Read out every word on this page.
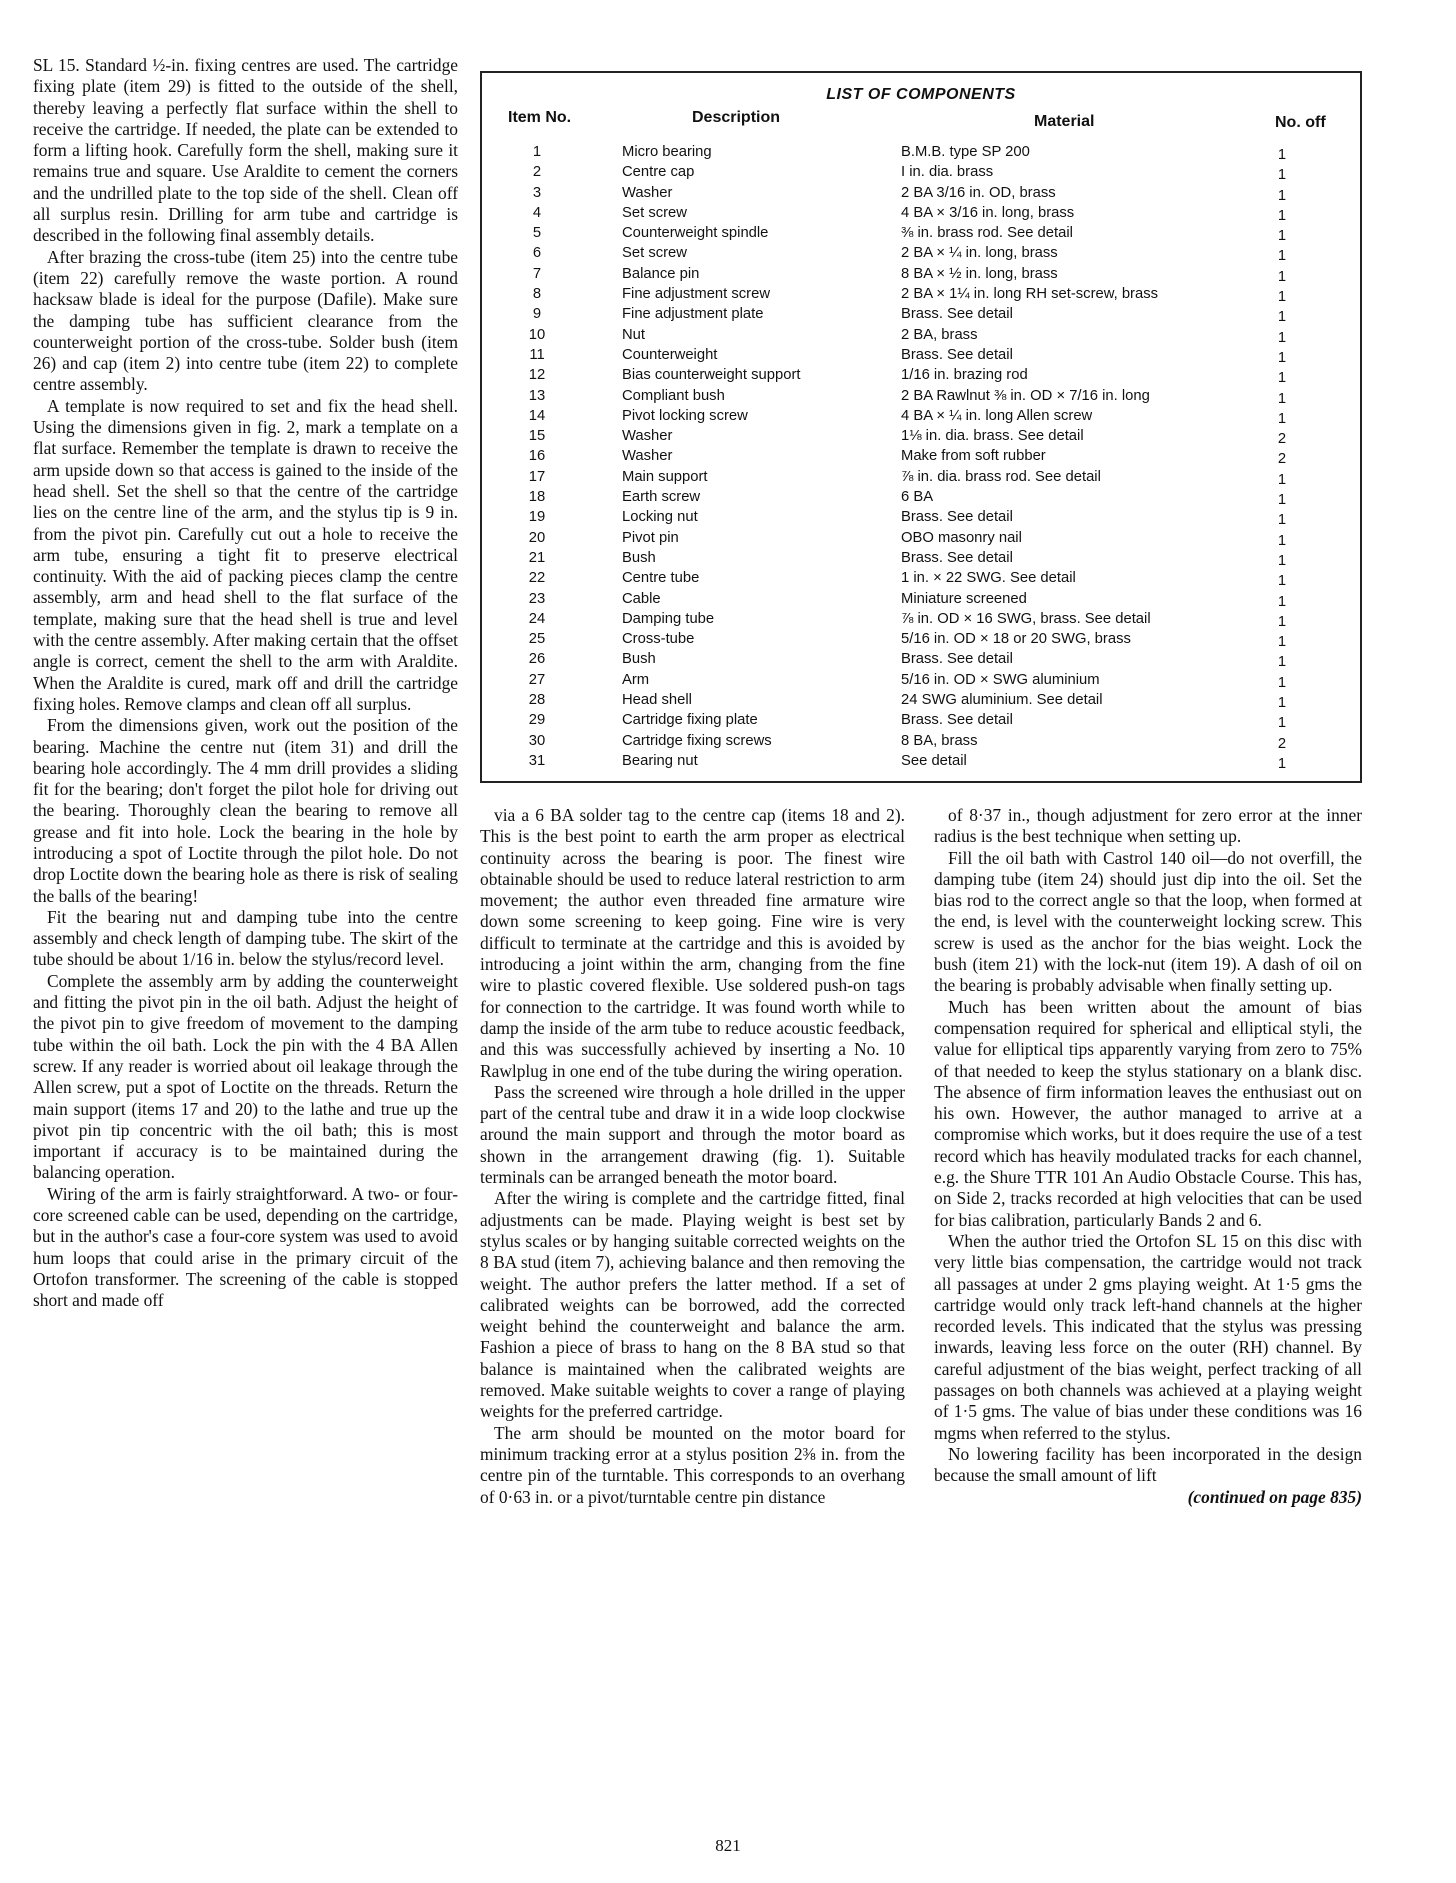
SL 15. Standard ½-in. fixing centres are used. The cartridge fixing plate (item 29) is fitted to the outside of the shell, thereby leaving a perfectly flat surface within the shell to receive the cartridge. If needed, the plate can be extended to form a lifting hook. Carefully form the shell, making sure it remains true and square. Use Araldite to cement the corners and the undrilled plate to the top side of the shell. Clean off all surplus resin. Drilling for arm tube and cartridge is described in the following final assembly details.

After brazing the cross-tube (item 25) into the centre tube (item 22) carefully remove the waste portion. A round hacksaw blade is ideal for the purpose (Dafile). Make sure the damping tube has sufficient clearance from the counterweight portion of the cross-tube. Solder bush (item 26) and cap (item 2) into centre tube (item 22) to complete centre assembly.

A template is now required to set and fix the head shell. Using the dimensions given in fig. 2, mark a template on a flat surface. Remember the template is drawn to receive the arm upside down so that access is gained to the inside of the head shell. Set the shell so that the centre of the cartridge lies on the centre line of the arm, and the stylus tip is 9 in. from the pivot pin. Carefully cut out a hole to receive the arm tube, ensuring a tight fit to preserve electrical continuity. With the aid of packing pieces clamp the centre assembly, arm and head shell to the flat surface of the template, making sure that the head shell is true and level with the centre assembly. After making certain that the offset angle is correct, cement the shell to the arm with Araldite. When the Araldite is cured, mark off and drill the cartridge fixing holes. Remove clamps and clean off all surplus.

From the dimensions given, work out the position of the bearing. Machine the centre nut (item 31) and drill the bearing hole accordingly. The 4 mm drill provides a sliding fit for the bearing; don't forget the pilot hole for driving out the bearing. Thoroughly clean the bearing to remove all grease and fit into hole. Lock the bearing in the hole by introducing a spot of Loctite through the pilot hole. Do not drop Loctite down the bearing hole as there is risk of sealing the balls of the bearing!

Fit the bearing nut and damping tube into the centre assembly and check length of damping tube. The skirt of the tube should be about 1/16 in. below the stylus/record level.

Complete the assembly arm by adding the counterweight and fitting the pivot pin in the oil bath. Adjust the height of the pivot pin to give freedom of movement to the damping tube within the oil bath. Lock the pin with the 4 BA Allen screw. If any reader is worried about oil leakage through the Allen screw, put a spot of Loctite on the threads. Return the main support (items 17 and 20) to the lathe and true up the pivot pin tip concentric with the oil bath; this is most important if accuracy is to be maintained during the balancing operation.

Wiring of the arm is fairly straightforward. A two- or four-core screened cable can be used, depending on the cartridge, but in the author's case a four-core system was used to avoid hum loops that could arise in the primary circuit of the Ortofon transformer. The screening of the cable is stopped short and made off

LIST OF COMPONENTS
Item No.	Description	Material	No. off
1	Micro bearing	B.M.B. type SP 200	1
2	Centre cap	I in. dia. brass	1
3	Washer	2 BA 3/16 in. OD, brass	1
4	Set screw	4 BA × 3/16 in. long, brass	1
5	Counterweight spindle	⅜ in. brass rod. See detail	1
6	Set screw	2 BA × ¼ in. long, brass	1
7	Balance pin	8 BA × ½ in. long, brass	1
8	Fine adjustment screw	2 BA × 1¼ in. long RH set-screw, brass	1
9	Fine adjustment plate	Brass. See detail	1
10	Nut	2 BA, brass	1
11	Counterweight	Brass. See detail	1
12	Bias counterweight support	1/16 in. brazing rod	1
13	Compliant bush	2 BA Rawlnut ⅜ in. OD × 7/16 in. long	1
14	Pivot locking screw	4 BA × ¼ in. long Allen screw	1
15	Washer	1⅛ in. dia. brass. See detail	2
16	Washer	Make from soft rubber	2
17	Main support	⅞ in. dia. brass rod. See detail	1
18	Earth screw	6 BA	1
19	Locking nut	Brass. See detail	1
20	Pivot pin	OBO masonry nail	1
21	Bush	Brass. See detail	1
22	Centre tube	1 in. × 22 SWG. See detail	1
23	Cable	Miniature screened	1
24	Damping tube	⅞ in. OD × 16 SWG, brass. See detail	1
25	Cross-tube	5/16 in. OD × 18 or 20 SWG, brass	1
26	Bush	Brass. See detail	1
27	Arm	5/16 in. OD × SWG aluminium	1
28	Head shell	24 SWG aluminium. See detail	1
29	Cartridge fixing plate	Brass. See detail	1
30	Cartridge fixing screws	8 BA, brass	2
31	Bearing nut	See detail	1

via a 6 BA solder tag to the centre cap (items 18 and 2). This is the best point to earth the arm proper as electrical continuity across the bearing is poor. The finest wire obtainable should be used to reduce lateral restriction to arm movement; the author even threaded fine armature wire down some screening to keep going. Fine wire is very difficult to terminate at the cartridge and this is avoided by introducing a joint within the arm, changing from the fine wire to plastic covered flexible. Use soldered push-on tags for connection to the cartridge. It was found worth while to damp the inside of the arm tube to reduce acoustic feedback, and this was successfully achieved by inserting a No. 10 Rawlplug in one end of the tube during the wiring operation.

Pass the screened wire through a hole drilled in the upper part of the central tube and draw it in a wide loop clockwise around the main support and through the motor board as shown in the arrangement drawing (fig. 1). Suitable terminals can be arranged beneath the motor board.

After the wiring is complete and the cartridge fitted, final adjustments can be made. Playing weight is best set by stylus scales or by hanging suitable corrected weights on the 8 BA stud (item 7), achieving balance and then removing the weight. The author prefers the latter method. If a set of calibrated weights can be borrowed, add the corrected weight behind the counterweight and balance the arm. Fashion a piece of brass to hang on the 8 BA stud so that balance is maintained when the calibrated weights are removed. Make suitable weights to cover a range of playing weights for the preferred cartridge.

The arm should be mounted on the motor board for minimum tracking error at a stylus position 2⅜ in. from the centre pin of the turntable. This corresponds to an overhang of 0·63 in. or a pivot/turntable centre pin distance

of 8·37 in., though adjustment for zero error at the inner radius is the best technique when setting up.

Fill the oil bath with Castrol 140 oil—do not overfill, the damping tube (item 24) should just dip into the oil. Set the bias rod to the correct angle so that the loop, when formed at the end, is level with the counterweight locking screw. This screw is used as the anchor for the bias weight. Lock the bush (item 21) with the lock-nut (item 19). A dash of oil on the bearing is probably advisable when finally setting up.

Much has been written about the amount of bias compensation required for spherical and elliptical styli, the value for elliptical tips apparently varying from zero to 75% of that needed to keep the stylus stationary on a blank disc. The absence of firm information leaves the enthusiast out on his own. However, the author managed to arrive at a compromise which works, but it does require the use of a test record which has heavily modulated tracks for each channel, e.g. the Shure TTR 101 An Audio Obstacle Course. This has, on Side 2, tracks recorded at high velocities that can be used for bias calibration, particularly Bands 2 and 6.

When the author tried the Ortofon SL 15 on this disc with very little bias compensation, the cartridge would not track all passages at under 2 gms playing weight. At 1·5 gms the cartridge would only track left-hand channels at the higher recorded levels. This indicated that the stylus was pressing inwards, leaving less force on the outer (RH) channel. By careful adjustment of the bias weight, perfect tracking of all passages on both channels was achieved at a playing weight of 1·5 gms. The value of bias under these conditions was 16 mgms when referred to the stylus.

No lowering facility has been incorporated in the design because the small amount of lift

(continued on page 835)
821
